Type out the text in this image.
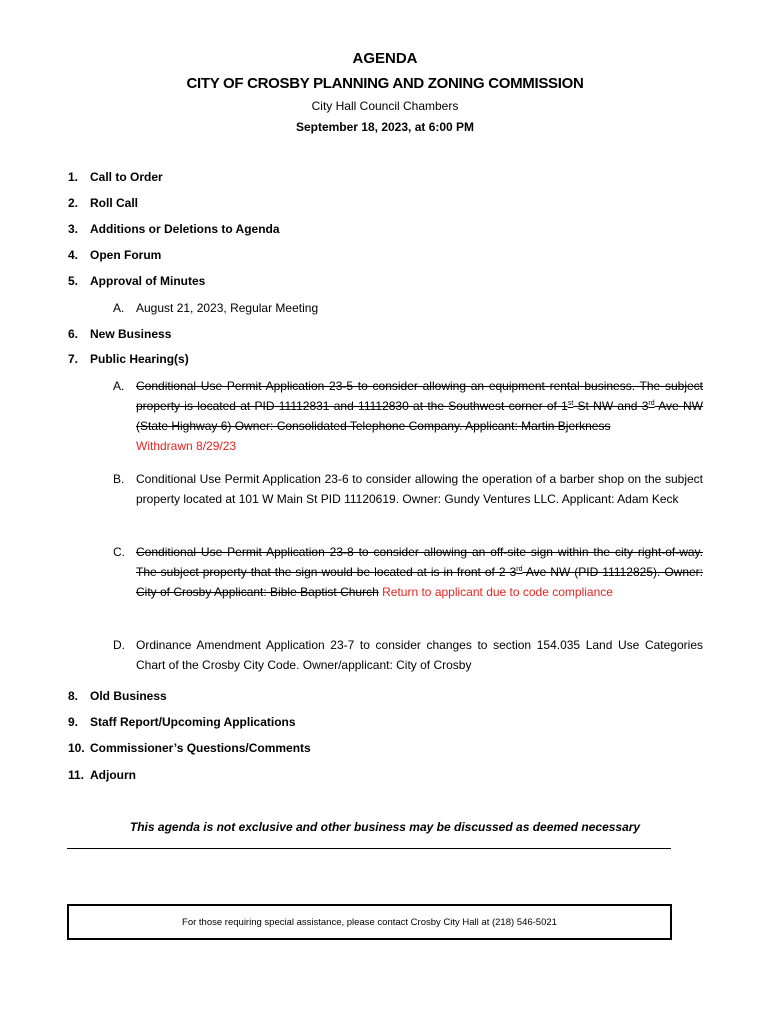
AGENDA
CITY OF CROSBY PLANNING AND ZONING COMMISSION
City Hall Council Chambers
September 18, 2023, at 6:00 PM
1. Call to Order
2. Roll Call
3. Additions or Deletions to Agenda
4. Open Forum
5. Approval of Minutes
A. August 21, 2023, Regular Meeting
6. New Business
7. Public Hearing(s)
A. Conditional Use Permit Application 23-5 to consider allowing an equipment rental business. The subject property is located at PID 11112831 and 11112830 at the Southwest corner of 1st St NW and 3rd Ave NW (State Highway 6) Owner: Consolidated Telephone Company. Applicant: Martin Bjerkness
Withdrawn 8/29/23
B. Conditional Use Permit Application 23-6 to consider allowing the operation of a barber shop on the subject property located at 101 W Main St PID 11120619. Owner: Gundy Ventures LLC. Applicant: Adam Keck
C. Conditional Use Permit Application 23-8 to consider allowing an off-site sign within the city right-of-way. The subject property that the sign would be located at is in front of 2 3rd Ave NW (PID 11112825). Owner: City of Crosby Applicant: Bible Baptist Church Return to applicant due to code compliance
D. Ordinance Amendment Application 23-7 to consider changes to section 154.035 Land Use Categories Chart of the Crosby City Code. Owner/applicant: City of Crosby
8. Old Business
9. Staff Report/Upcoming Applications
10. Commissioner’s Questions/Comments
11. Adjourn
This agenda is not exclusive and other business may be discussed as deemed necessary
For those requiring special assistance, please contact Crosby City Hall at (218) 546-5021
